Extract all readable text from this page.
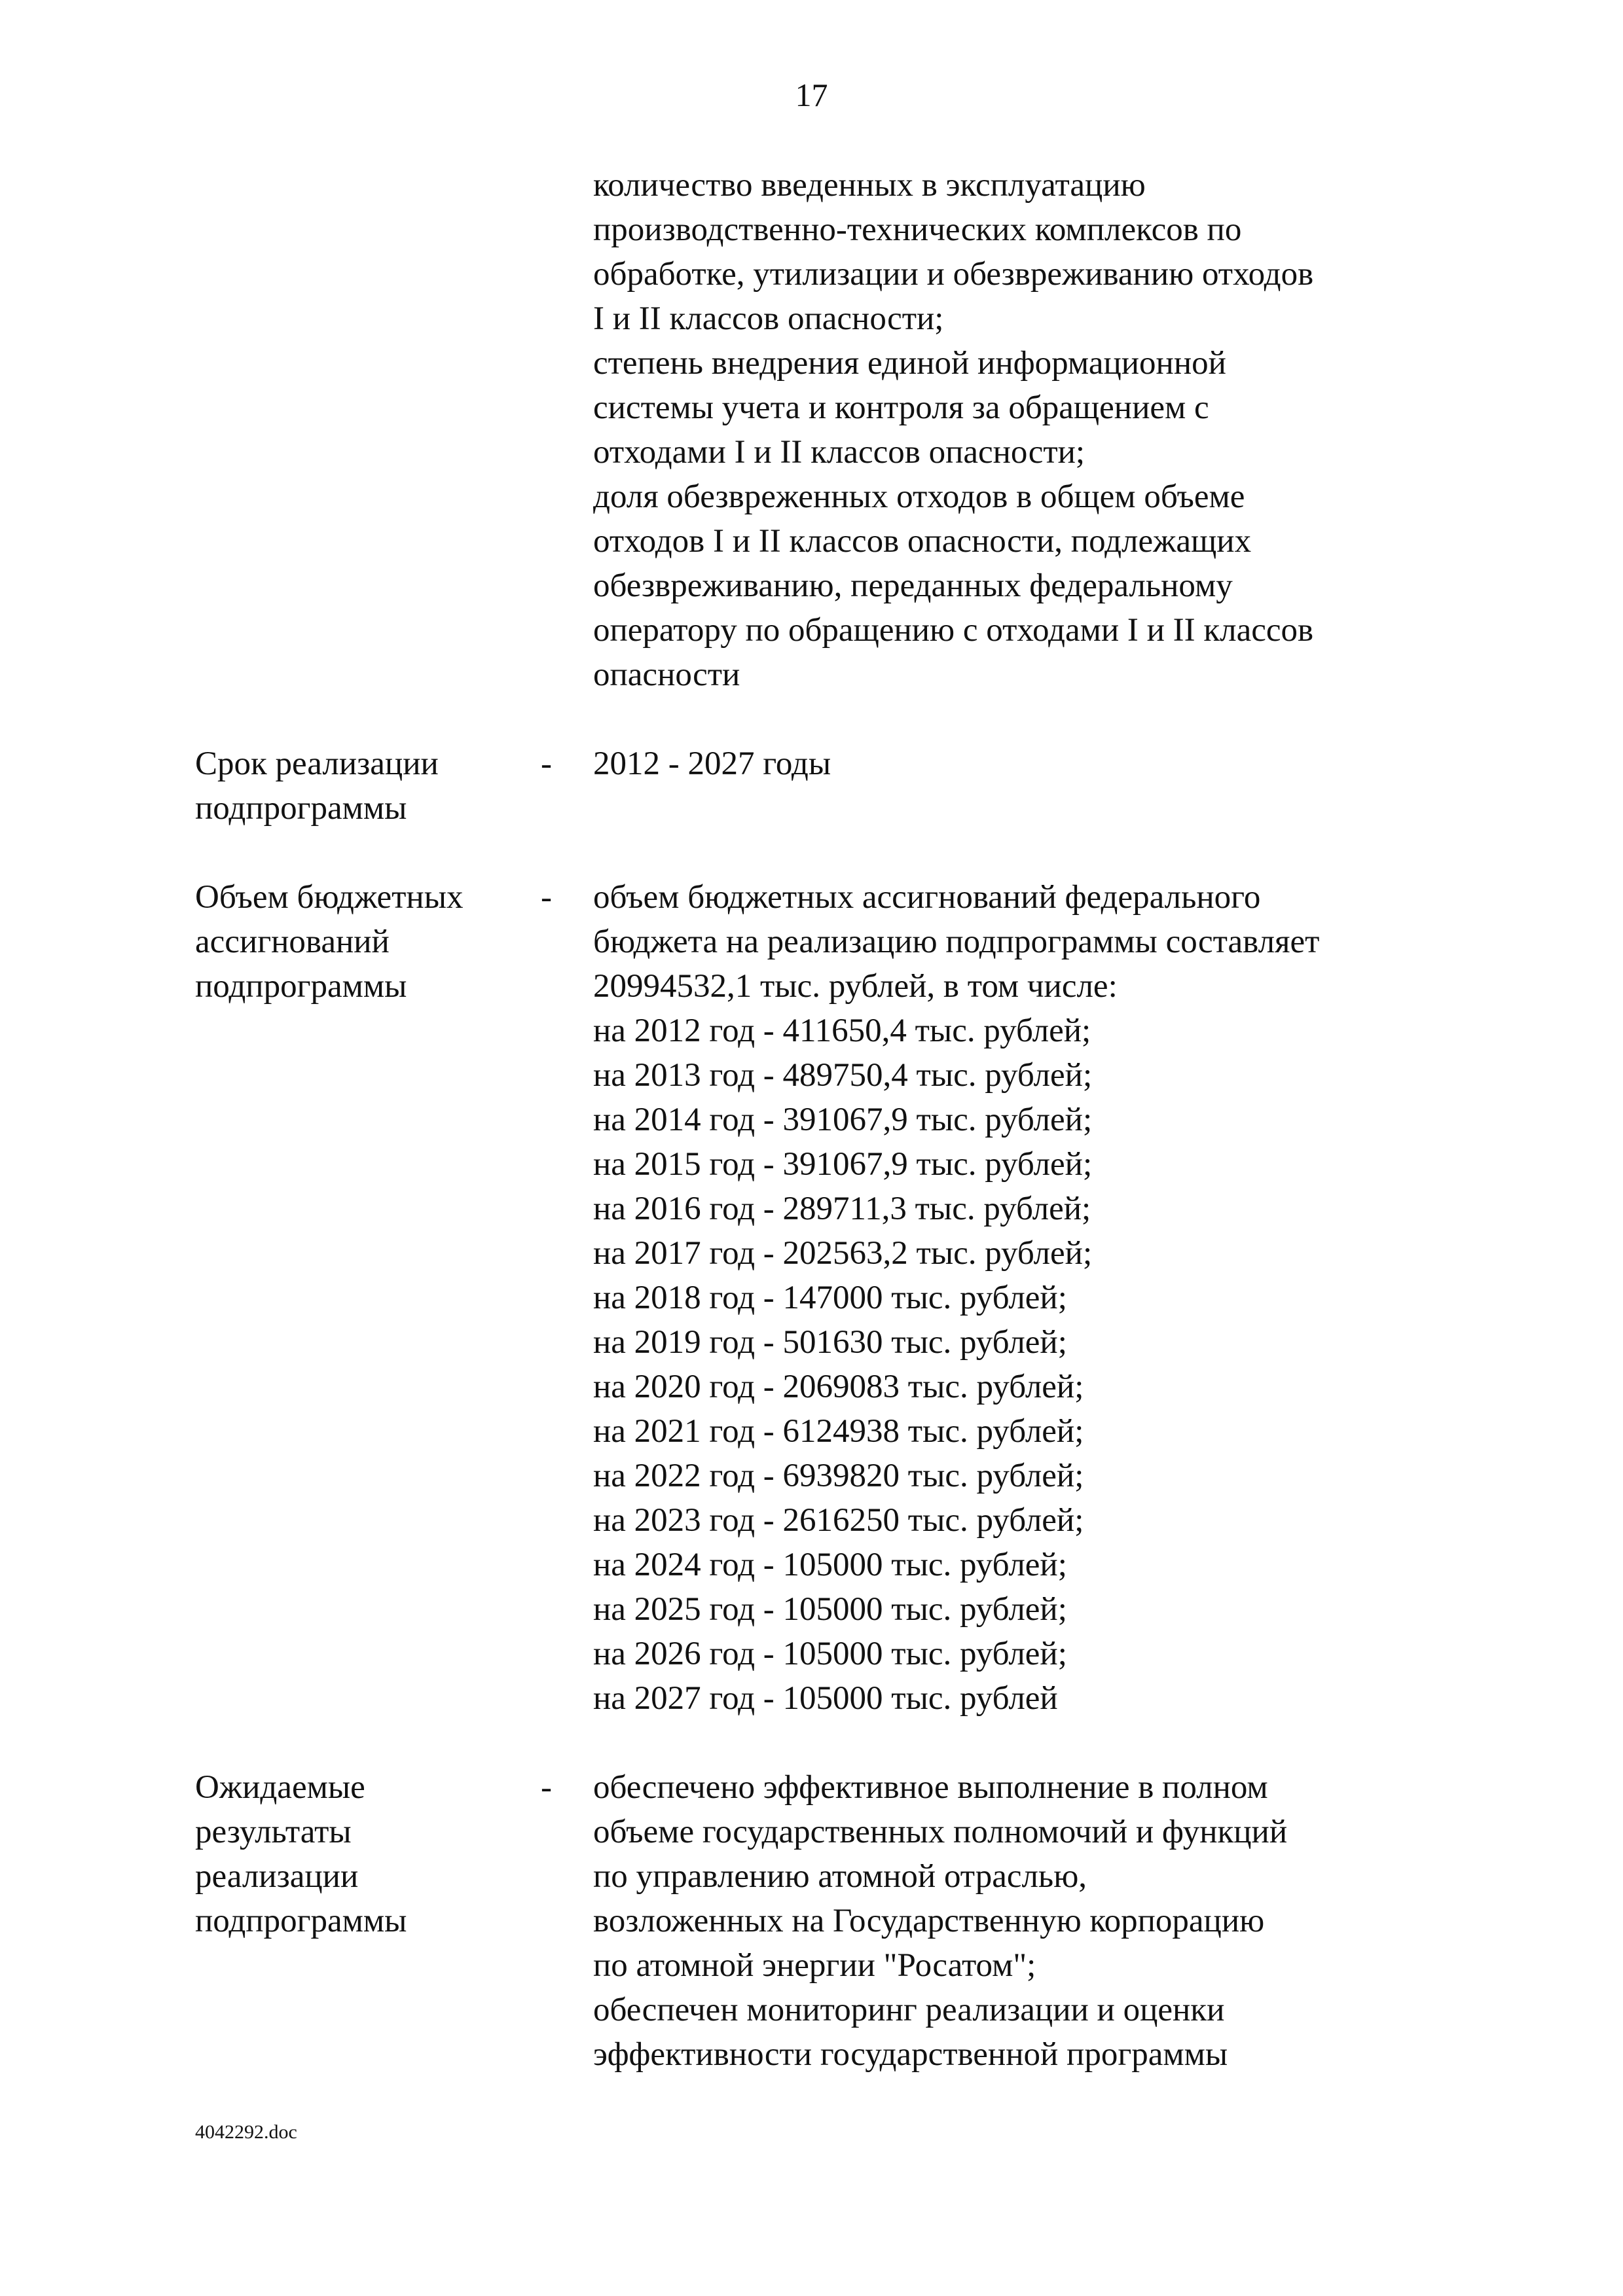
17
количество введенных в эксплуатацию
производственно-технических комплексов по
обработке, утилизации и обезвреживанию отходов
I и II классов опасности;
степень внедрения единой информационной
системы учета и контроля за обращением с
отходами I и II классов опасности;
доля обезвреженных отходов в общем объеме
отходов I и II классов опасности, подлежащих
обезвреживанию, переданных федеральному
оператору по обращению с отходами I и II классов
опасности
Срок реализации
подпрограммы
- 2012 - 2027 годы
Объем бюджетных
ассигнований
подпрограммы
- объем бюджетных ассигнований федерального
бюджета на реализацию подпрограммы составляет
20994532,1 тыс. рублей, в том числе:
на 2012 год - 411650,4 тыс. рублей;
на 2013 год - 489750,4 тыс. рублей;
на 2014 год - 391067,9 тыс. рублей;
на 2015 год - 391067,9 тыс. рублей;
на 2016 год - 289711,3 тыс. рублей;
на 2017 год - 202563,2 тыс. рублей;
на 2018 год - 147000 тыс. рублей;
на 2019 год - 501630 тыс. рублей;
на 2020 год - 2069083 тыс. рублей;
на 2021 год - 6124938 тыс. рублей;
на 2022 год - 6939820 тыс. рублей;
на 2023 год - 2616250 тыс. рублей;
на 2024 год - 105000 тыс. рублей;
на 2025 год - 105000 тыс. рублей;
на 2026 год - 105000 тыс. рублей;
на 2027 год - 105000 тыс. рублей
Ожидаемые
результаты
реализации
подпрограммы
- обеспечено эффективное выполнение в полном
объеме государственных полномочий и функций
по управлению атомной отраслью,
возложенных на Государственную корпорацию
по атомной энергии "Росатом";
обеспечен мониторинг реализации и оценки
эффективности государственной программы
4042292.doc
